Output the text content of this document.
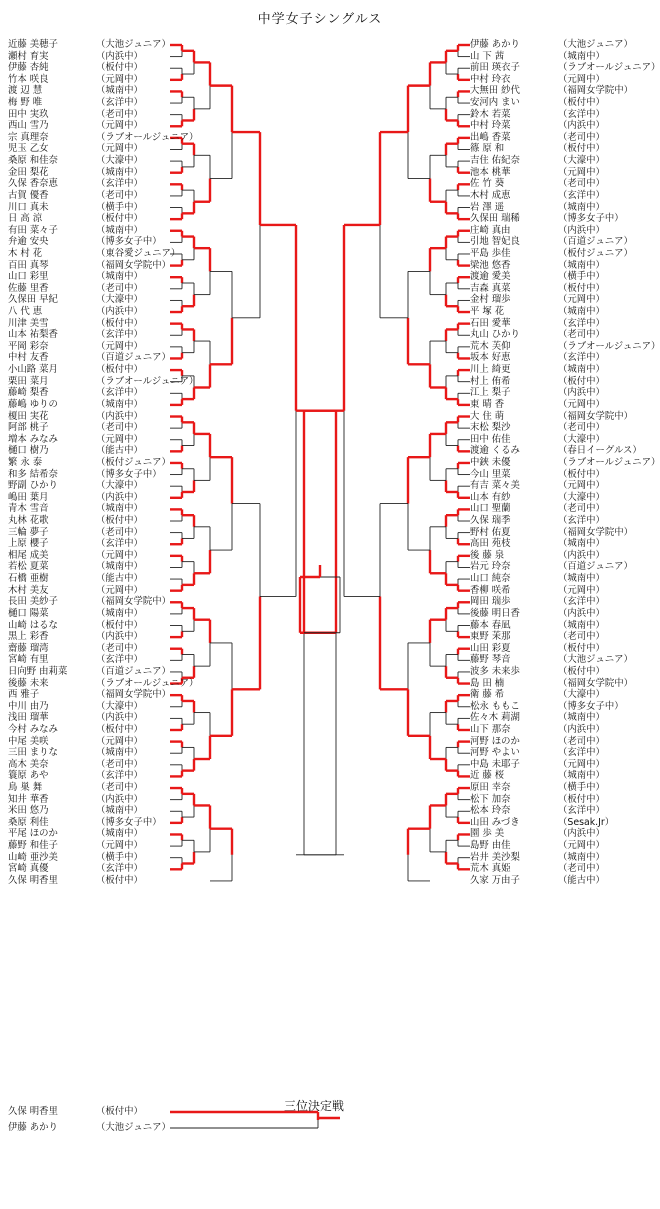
中学女子シングルス
近藤 美穂子	（大池ジュニア）
瀬村 育実	（内浜中）
伊藤 杏純	（板付中）
竹本 咲良	（元岡中）
渡 辺 慧	（城南中）
梅 野 唯	（玄洋中）
田中 実玖	（老司中）
西山 雪乃	（元岡中）
宗 真理奈	（ラブオールジュニア）
児玉 乙女	（元岡中）
桑原 和佳奈	（大濠中）
金田 梨花	（城南中）
久保 香奈恵	（玄洋中）
古賀 優香	（老司中）
川口 真未	（横手中）
日 高 涼	（板付中）
有田 菜々子	（城南中）
弁逾 安央	（博多女子中）
木 村 花	（東谷愛ジュニア）
百田 真琴	（福岡女学院中）
山口 彩里	（城南中）
佐藤 里香	（老司中）
久保田 早紀	（大濠中）
八 代 恵	（内浜中）
川津 美雪	（板付中）
山本 祐梨香	（玄洋中）
平岡 彩奈	（元岡中）
中村 友香	（百道ジュニア）
小山路 菜月	（板付中）
栗田 菜月	（ラブオールジュニア）
藤崎 梨香	（玄洋中）
藤嶋 ゆりの	（城南中）
榎田 実花	（内浜中）
阿部 桃子	（老司中）
増本 みなみ	（元岡中）
樋口 樹乃	（能古中）
繁 永 泰	（板付ジュニア）
和多 結希奈	（博多女子中）
野副 ひかり	（大濠中）
嶋田 葉月	（内浜中）
青木 雪音	（城南中）
丸林 花歌	（板付中）
三輪 夢子	（老司中）
上原 櫻子	（玄洋中）
相尾 成美	（元岡中）
若松 夏菜	（城南中）
石橋 亜樹	（能古中）
木村 美友	（元岡中）
長田 美紗子	（福岡女学院中）
樋口 陽菜	（城南中）
山崎 はるな	（板付中）
黒上 彩香	（内浜中）
齋藤 瑠湾	（老司中）
宮崎 有里	（玄洋中）
日向野 由莉菜	（百道ジュニア）
後藤 未来	（ラブオールジュニア）
西 雅子	（福岡女学院中）
中川 由乃	（大濠中）
浅田 瑠華	（内浜中）
今村 みなみ	（板付中）
中尾 美咲	（元岡中）
三田 まりな	（城南中）
高木 美奈	（老司中）
簑原 あや	（玄洋中）
鳥 巣 舞	（老司中）
知井 華香	（内浜中）
米田 悠乃	（城南中）
桑原 利佳	（博多女子中）
平尾 ほのか	（城南中）
藤野 和佳子	（元岡中）
山崎 亜沙美	（横手中）
宮崎 真優	（玄洋中）
久保 明香里	（板付中）
伊藤 あかり	（大池ジュニア）
山 下 茜	（城南中）
前田 瑛衣子	（ラブオールジュニア）
中村 玲衣	（元岡中）
大無田 紗代	（福岡女学院中）
安河内 まい	（板付中）
鈴木 若菜	（玄洋中）
中村 玲菜	（内浜中）
出嶋 香菜	（老司中）
篠 原 和	（板付中）
吉住 佑紀奈	（大濠中）
池本 桃華	（元岡中）
佐 竹 葵	（老司中）
木村 成恵	（玄洋中）
岩 澤 遥	（城南中）
久保田 瑞稀	（博多女子中）
庄崎 真由	（内浜中）
引地 智妃良	（百道ジュニア）
平島 歩佳	（板付ジュニア）
梁池 悠香	（城南中）
渡逾 愛美	（横手中）
吉森 真菜	（板付中）
金村 瑠歩	（元岡中）
平 塚 花	（城南中）
石田 愛華	（玄洋中）
丸山 ひかり	（老司中）
荒木 芙仰	（ラブオールジュニア）
坂本 好恵	（玄洋中）
川上 綺更	（城南中）
村上 侑希	（板付中）
江上 梨子	（内浜中）
東 晴 香	（元岡中）
大 住 萌	（福岡女学院中）
末松 梨沙	（老司中）
田中 佑佳	（大濠中）
渡逾 くるみ	（春日イーグルス）
中鋏 未優	（ラブオールジュニア）
今山 里菜	（板付中）
有吉 菜々美	（元岡中）
山本 有紗	（大濠中）
山口 聖蘭	（老司中）
久保 瑞季	（玄洋中）
野村 佑夏	（福岡女学院中）
高田 苑枝	（城南中）
後 藤 泉	（内浜中）
岩元 玲奈	（百道ジュニア）
山口 純奈	（城南中）
香柳 咲希	（元岡中）
岡田 瑞歩	（玄洋中）
後藤 明日香	（内浜中）
藤本 春凪	（城南中）
東野 茉那	（老司中）
山田 彩夏	（板付中）
藤野 琴音	（大池ジュニア）
波多 未来歩	（板付中）
島 田 楠	（福岡女学院中）
衛 藤 希	（大濠中）
松永 ももこ	（博多女子中）
佐々木 莉湖	（城南中）
山下 那奈	（内浜中）
河野 ほのか	（老司中）
河野 やよい	（玄洋中）
中島 未耶子	（元岡中）
近 藤 桜	（城南中）
原田 幸奈	（横手中）
松下 加奈	（板付中）
松本 玲奈	（玄洋中）
山田 みづき	（Sesak.Jr）
園 歩 美	（内浜中）
島野 由佳	（元岡中）
岩井 美沙梨	（城南中）
荒木 真姫	（老司中）
久家 万由子	（能古中）
三位決定戦
久保 明香里	（板付中）
伊藤 あかり	（大池ジュニア）
